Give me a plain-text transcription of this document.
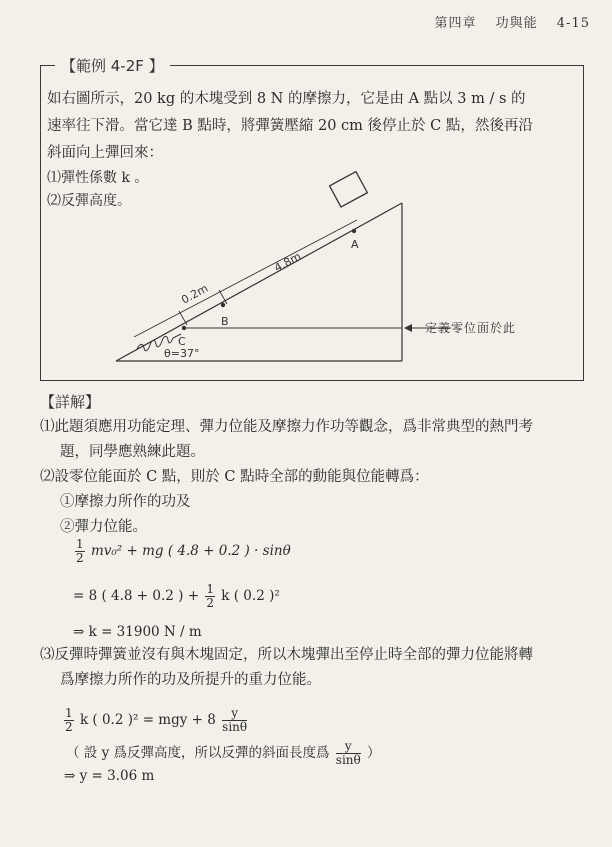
第四章 功與能 4-15
【範例 4-2F 】

如右圖所示，20 kg 的木塊受到 8 N 的摩擦力，它是由 A 點以 3 m / s 的

速率往下滑。當它達 B 點時，將彈簧壓縮 20 cm 後停止於 C 點，然後再沿

斜面向上彈回來：

⑴彈性係數 k 。

⑵反彈高度。

A
B
C
4.8m
0.2m
θ=37°
定義零位面於此

【詳解】

⑴此題須應用功能定理、彈力位能及摩擦力作功等觀念，爲非常典型的熱門考

題，同學應熟練此題。

⑵設零位能面於 C 點，則於 C 點時全部的動能與位能轉爲：

①摩擦力所作的功及

②彈力位能。

$\frac{1}{2} mv_0^2$ + mg ( 4.8 + 0.2 ) · sinθ
= 8 ( 4.8 + 0.2 ) + $\frac{1}{2}$ k ( 0.2 )²
⇒ k = 31900 N / m

⑶反彈時彈簧並沒有與木塊固定，所以木塊彈出至停止時全部的彈力位能將轉

爲摩擦力所作的功及所提升的重力位能。

$\frac{1}{2}$ k ( 0.2 )² = mgy + $8 \frac{y}{\sin\theta}$
（ 設 y 爲反彈高度，所以反彈的斜面長度爲 $\frac{y}{\sin\theta}$ ）
⇒ y = 3.06 m
